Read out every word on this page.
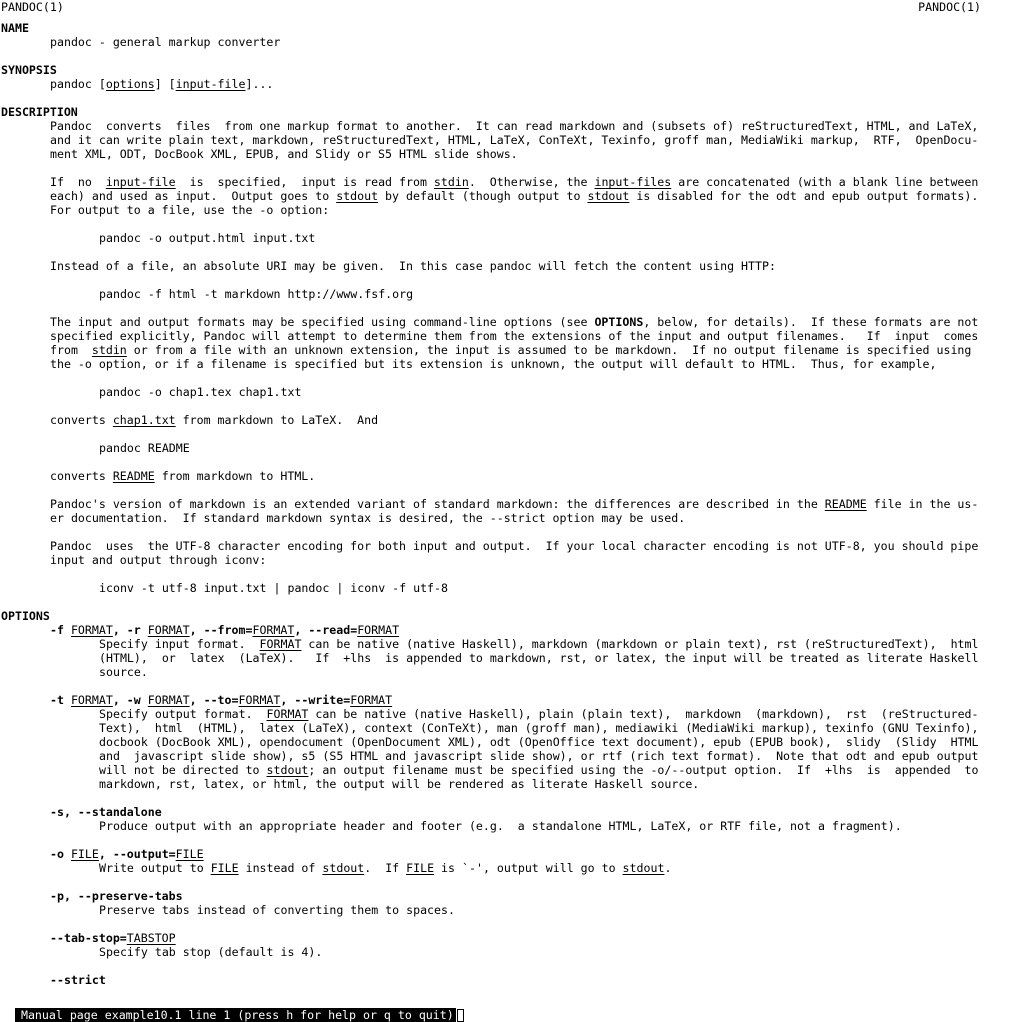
PANDOC(1)	PANDOC(1)
NAME
pandoc - general markup converter
SYNOPSIS
pandoc [options] [input-file]...
DESCRIPTION
Pandoc  converts  files  from one markup format to another.  It can read markdown and (subsets of) reStructuredText, HTML, and LaTeX,
and it can write plain text, markdown, reStructuredText, HTML, LaTeX, ConTeXt, Texinfo, groff man, MediaWiki markup,  RTF,  OpenDocu-
ment XML, ODT, DocBook XML, EPUB, and Slidy or S5 HTML slide shows.
If  no  input-file  is  specified,  input is read from stdin.  Otherwise, the input-files are concatenated (with a blank line between
each) and used as input.  Output goes to stdout by default (though output to stdout is disabled for the odt and epub output formats).
For output to a file, use the -o option:
pandoc -o output.html input.txt
Instead of a file, an absolute URI may be given.  In this case pandoc will fetch the content using HTTP:
pandoc -f html -t markdown http://www.fsf.org
The input and output formats may be specified using command-line options (see OPTIONS, below, for details).  If these formats are not
specified explicitly, Pandoc will attempt to determine them from the extensions of the input and output filenames.   If  input  comes
from  stdin or from a file with an unknown extension, the input is assumed to be markdown.  If no output filename is specified using
the -o option, or if a filename is specified but its extension is unknown, the output will default to HTML.  Thus, for example,
pandoc -o chap1.tex chap1.txt
converts chap1.txt from markdown to LaTeX.  And
pandoc README
converts README from markdown to HTML.
Pandoc's version of markdown is an extended variant of standard markdown: the differences are described in the README file in the us-
er documentation.  If standard markdown syntax is desired, the --strict option may be used.
Pandoc  uses  the UTF-8 character encoding for both input and output.  If your local character encoding is not UTF-8, you should pipe
input and output through iconv:
iconv -t utf-8 input.txt | pandoc | iconv -f utf-8
OPTIONS
-f FORMAT, -r FORMAT, --from=FORMAT, --read=FORMAT
Specify input format.  FORMAT can be native (native Haskell), markdown (markdown or plain text), rst (reStructuredText),  html
(HTML),  or  latex  (LaTeX).   If  +lhs  is appended to markdown, rst, or latex, the input will be treated as literate Haskell
source.
-t FORMAT, -w FORMAT, --to=FORMAT, --write=FORMAT
Specify output format.  FORMAT can be native (native Haskell), plain (plain text),  markdown  (markdown),  rst  (reStructured-
Text),  html  (HTML),  latex (LaTeX), context (ConTeXt), man (groff man), mediawiki (MediaWiki markup), texinfo (GNU Texinfo),
docbook (DocBook XML), opendocument (OpenDocument XML), odt (OpenOffice text document), epub (EPUB book),  slidy  (Slidy  HTML
and  javascript slide show), s5 (S5 HTML and javascript slide show), or rtf (rich text format).  Note that odt and epub output
will not be directed to stdout; an output filename must be specified using the -o/--output option.  If  +lhs  is  appended  to
markdown, rst, latex, or html, the output will be rendered as literate Haskell source.
-s, --standalone
Produce output with an appropriate header and footer (e.g.  a standalone HTML, LaTeX, or RTF file, not a fragment).
-o FILE, --output=FILE
Write output to FILE instead of stdout.  If FILE is `-', output will go to stdout.
-p, --preserve-tabs
Preserve tabs instead of converting them to spaces.
--tab-stop=TABSTOP
Specify tab stop (default is 4).
--strict

Manual page example10.1 line 1 (press h for help or q to quit)
